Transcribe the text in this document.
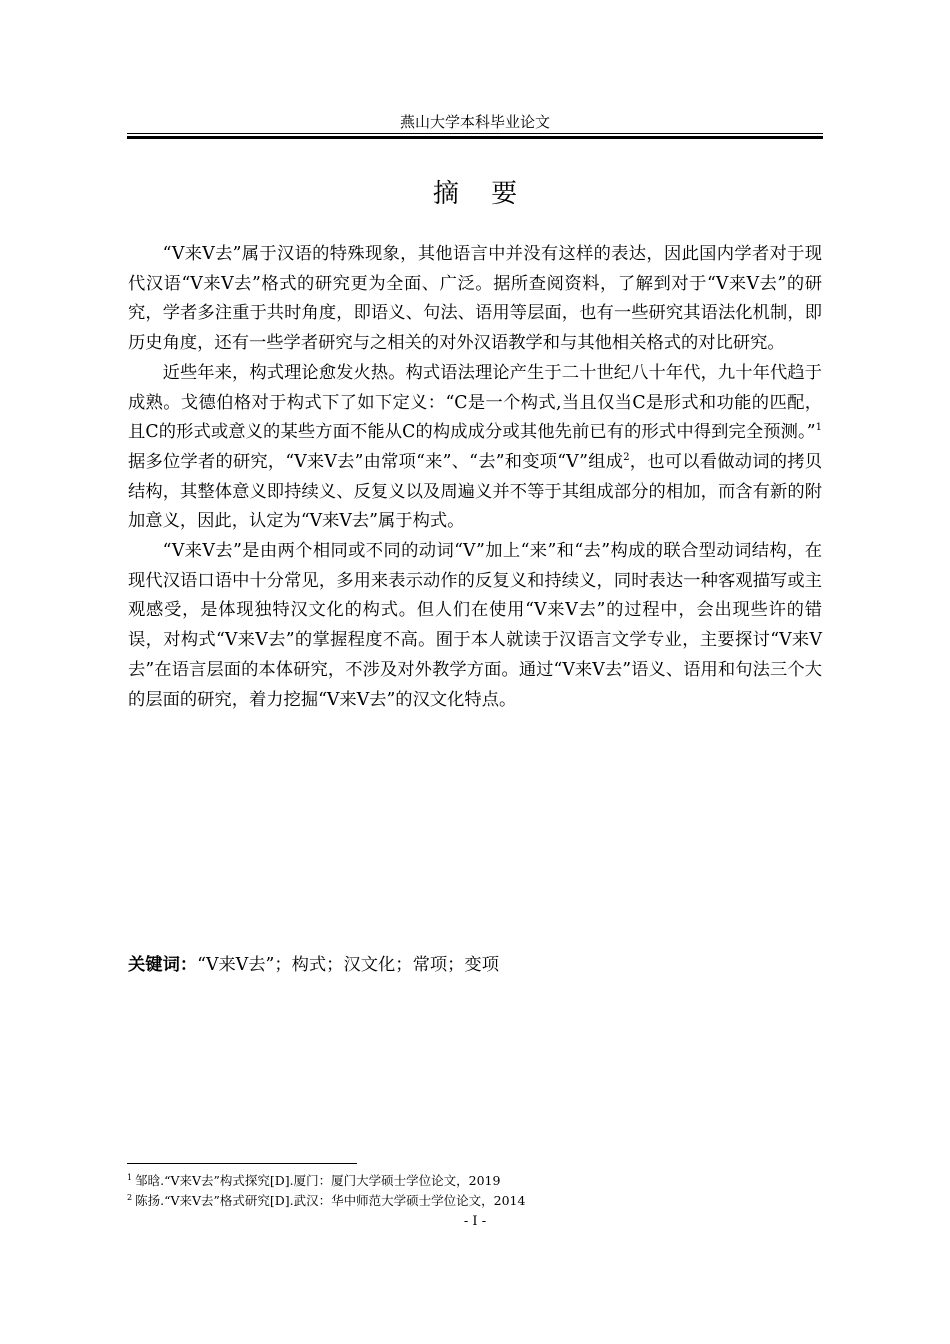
燕山大学本科毕业论文
摘 要

“V来V去”属于汉语的特殊现象，其他语言中并没有这样的表达，因此国内学者对于现代汉语“V来V去”格式的研究更为全面、广泛。据所查阅资料，了解到对于“V来V去”的研究，学者多注重于共时角度，即语义、句法、语用等层面，也有一些研究其语法化机制，即历史角度，还有一些学者研究与之相关的对外汉语教学和与其他相关格式的对比研究。

近些年来，构式理论愈发火热。构式语法理论产生于二十世纪八十年代，九十年代趋于成熟。戈德伯格对于构式下了如下定义：“C是一个构式,当且仅当C是形式和功能的匹配，且C的形式或意义的某些方面不能从C的构成成分或其他先前已有的形式中得到完全预测。”$^1$据多位学者的研究，“V来V去”由常项“来”、“去”和变项“V”组成$^2$，也可以看做动词的拷贝结构，其整体意义即持续义、反复义以及周遍义并不等于其组成部分的相加，而含有新的附加意义，因此，认定为“V来V去”属于构式。

“V来V去”是由两个相同或不同的动词“V”加上“来”和“去”构成的联合型动词结构，在现代汉语口语中十分常见，多用来表示动作的反复义和持续义，同时表达一种客观描写或主观感受，是体现独特汉文化的构式。但人们在使用“V来V去”的过程中，会出现些许的错误，对构式“V来V去”的掌握程度不高。囿于本人就读于汉语言文学专业，主要探讨“V来V去”在语言层面的本体研究，不涉及对外教学方面。通过“V来V去”语义、语用和句法三个大的层面的研究，着力挖掘“V来V去”的汉文化特点。

关键词：“V来V去”；构式；汉文化；常项；变项
$^1$ 邹晗.“V来V去”构式探究[D].厦门：厦门大学硕士学位论文，2019
$^2$ 陈扬.“V来V去”格式研究[D].武汉：华中师范大学硕士学位论文，2014
- I -
